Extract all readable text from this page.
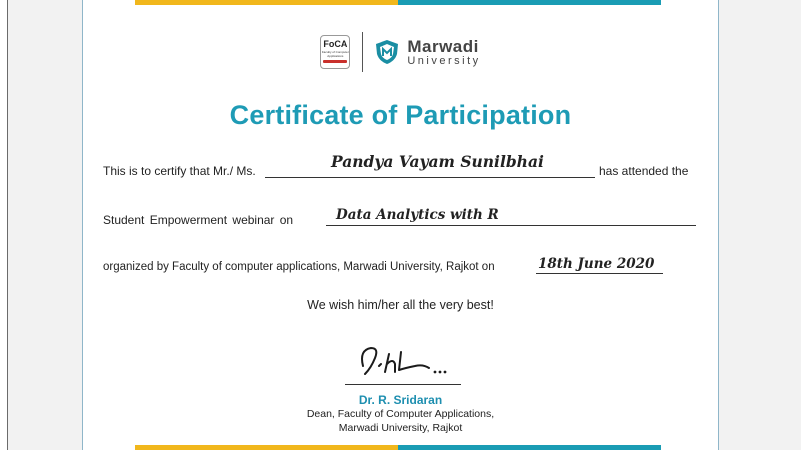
FoCA
Faculty of Computer Applications
Marwadi
University
Certificate of Participation
This is to certify that Mr./ Ms.	Pandya Vayam Sunilbhai	has attended the
Student Empowerment webinar on	Data Analytics with R
organized by Faculty of computer applications, Marwadi University, Rajkot on	18th June 2020
We wish him/her all the very best!
Dr. R. Sridaran
Dean, Faculty of Computer Applications,
Marwadi University, Rajkot
